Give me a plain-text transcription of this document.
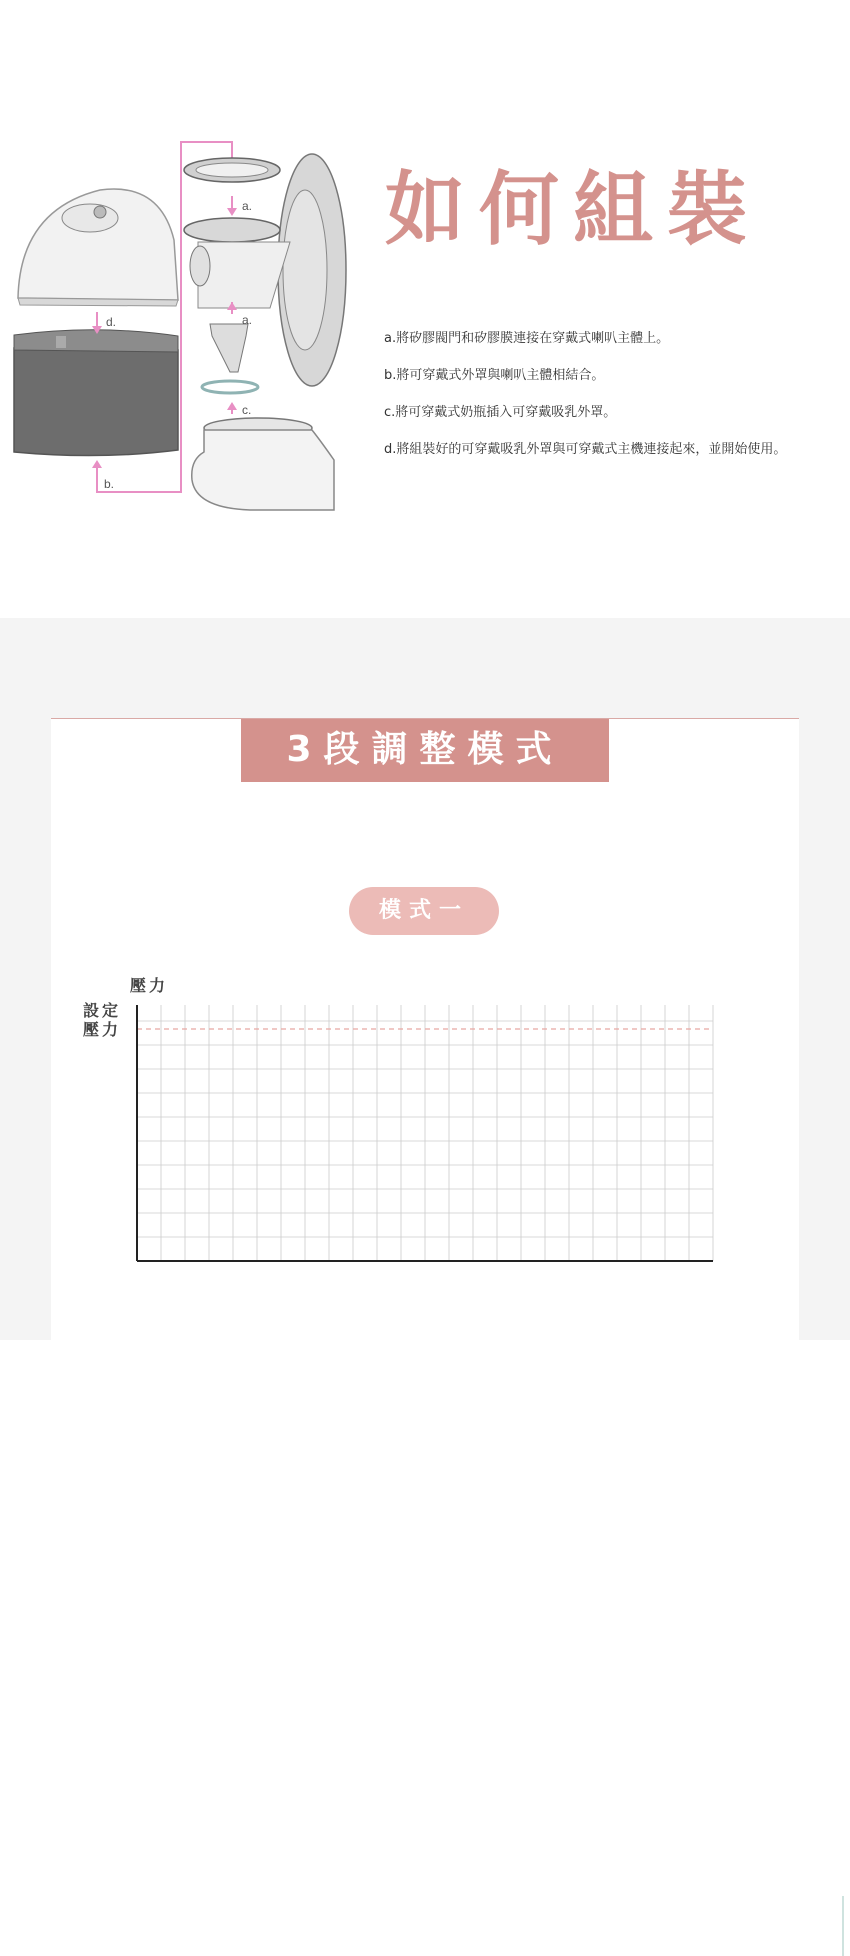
a.
a.
c.
d.
b.
如何組裝
a.將矽膠閥門和矽膠膜連接在穿戴式喇叭主體上。
b.將可穿戴式外罩與喇叭主體相結合。
c.將可穿戴式奶瓶插入可穿戴吸乳外罩。
d.將組裝好的可穿戴吸乳外罩與可穿戴式主機連接起來，並開始使用。
3段調整模式
模式一
壓力
設定
壓力
